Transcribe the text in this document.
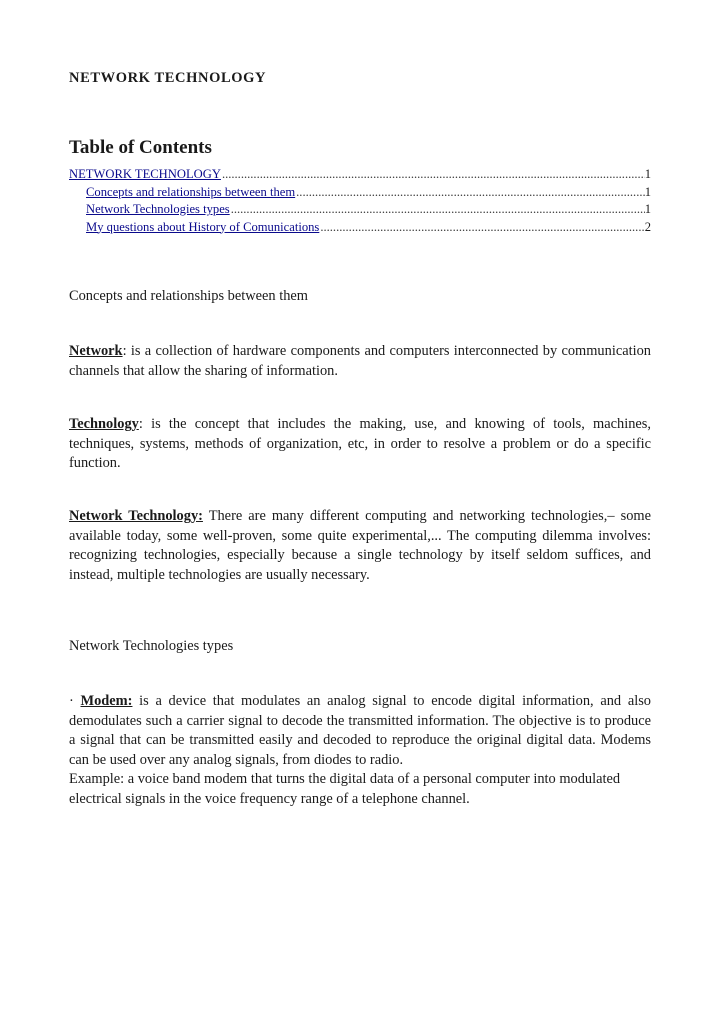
NETWORK TECHNOLOGY
Table of Contents
NETWORK TECHNOLOGY .....	1
Concepts and relationships between them .....	1
Network Technologies types .....	1
My questions about History of Comunications .....	2
Concepts and relationships between them
Network: is a collection of hardware components and computers interconnected by communication channels that allow the sharing of information.
Technology: is the concept that includes the making, use, and knowing of tools, machines, techniques, systems, methods of organization, etc, in order to resolve a problem or do a specific function.
Network Technology: There are many different computing and networking technologies,– some available today, some well-proven, some quite experimental,... The computing dilemma involves: recognizing technologies, especially because a single technology by itself seldom suffices, and instead, multiple technologies are usually necessary.
Network Technologies types
· Modem: is a device that modulates an analog signal to encode digital information, and also demodulates such a carrier signal to decode the transmitted information. The objective is to produce a signal that can be transmitted easily and decoded to reproduce the original digital data. Modems can be used over any analog signals, from diodes to radio.
Example: a voice band modem that turns the digital data of a personal computer into modulated electrical signals in the voice frequency range of a telephone channel.
